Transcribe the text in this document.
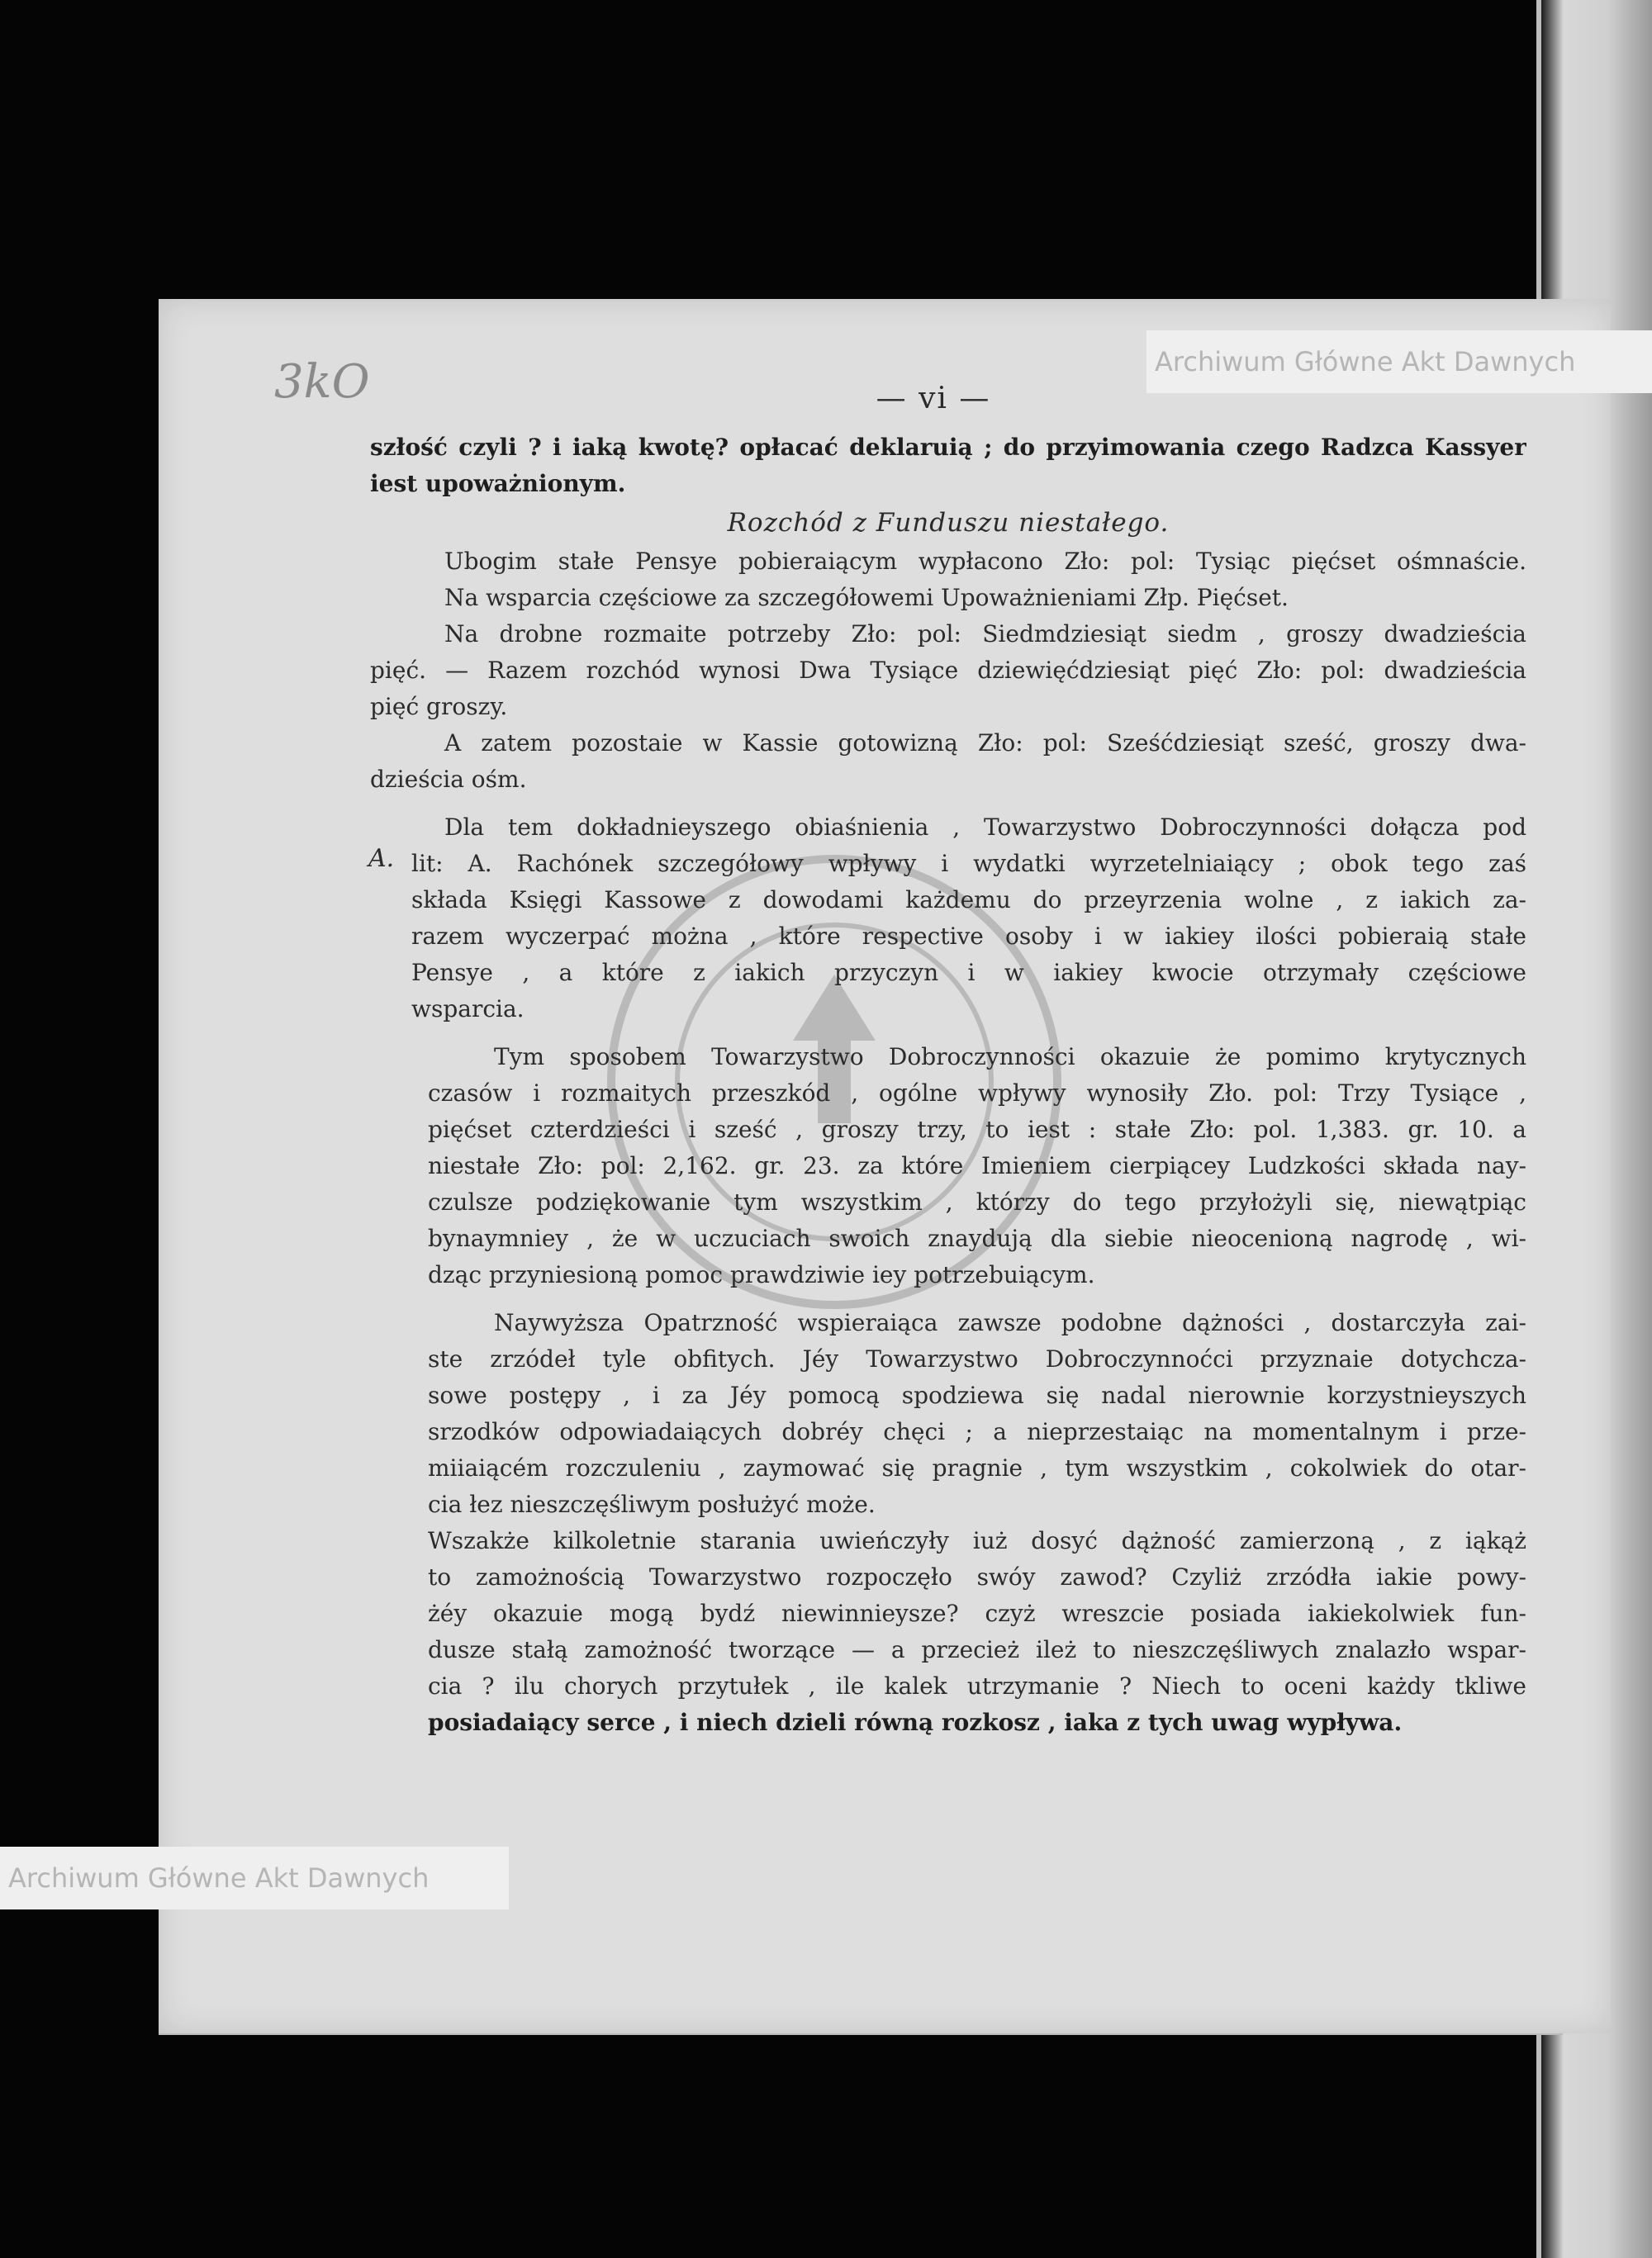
Archiwum Główne Akt Dawnych
Archiwum Główne Akt Dawnych
3kO	— vi —
szłość czyli ? i iaką kwotę? opłacać deklaruią ; do przyimowania czego Radzca Kassyer
iest upoważnionym.
Rozchód z Funduszu niestałego.
Ubogim stałe Pensye pobieraiącym wypłacono Zło: pol: Tysiąc pięćset ośmnaście.
Na wsparcia częściowe za szczegółowemi Upoważnieniami Złp. Pięćset.
Na drobne rozmaite potrzeby Zło: pol: Siedmdziesiąt siedm , groszy dwadzieścia
pięć. — Razem rozchód wynosi Dwa Tysiące dziewięćdziesiąt pięć Zło: pol: dwadzieścia
pięć groszy.
A zatem pozostaie w Kassie gotowizną Zło: pol: Sześćdziesiąt sześć, groszy dwa-
dzieścia ośm.
Dla tem dokładnieyszego obiaśnienia , Towarzystwo Dobroczynności dołącza pod
lit: A. Rachónek szczegółowy wpływy i wydatki wyrzetelniaiący ; obok tego zaś
składa Księgi Kassowe z dowodami każdemu do przeyrzenia wolne , z iakich za-
razem wyczerpać można , które respective osoby i w iakiey ilości pobieraią stałe
Pensye , a które z iakich przyczyn i w iakiey kwocie otrzymały częściowe
wsparcia.
Tym sposobem Towarzystwo Dobroczynności okazuie że pomimo krytycznych
czasów i rozmaitych przeszkód , ogólne wpływy wynosiły Zło. pol: Trzy Tysiące ,
pięćset czterdzieści i sześć , groszy trzy, to iest : stałe Zło: pol. 1,383. gr. 10. a
niestałe Zło: pol: 2,162. gr. 23. za które Imieniem cierpiącey Ludzkości składa nay-
czulsze podziękowanie tym wszystkim , którzy do tego przyłożyli się, niewątpiąc
bynaymniey , że w uczuciach swoich znaydują dla siebie nieocenioną nagrodę , wi-
dząc przyniesioną pomoc prawdziwie iey potrzebuiącym.
Naywyższa Opatrzność wspieraiąca zawsze podobne dążności , dostarczyła zai-
ste zrzódeł tyle obfitych. Jéy Towarzystwo Dobroczynnoćci przyznaie dotychcza-
sowe postępy , i za Jéy pomocą spodziewa się nadal nierownie korzystnieyszych
srzodków odpowiadaiących dobréy chęci ; a nieprzestaiąc na momentalnym i prze-
miiaiącém rozczuleniu , zaymować się pragnie , tym wszystkim , cokolwiek do otar-
cia łez nieszczęśliwym posłużyć może.
Wszakże kilkoletnie starania uwieńczyły iuż dosyć dążność zamierzoną , z iąkąż
to zamożnością Towarzystwo rozpoczęło swóy zawod? Czyliż zrzódła iakie powy-
żéy okazuie mogą bydź niewinnieysze? czyż wreszcie posiada iakiekolwiek fun-
dusze stałą zamożność tworzące — a przecież ileż to nieszczęśliwych znalazło wspar-
cia ? ilu chorych przytułek , ile kalek utrzymanie ? Niech to oceni każdy tkliwe
posiadaiący serce , i niech dzieli równą rozkosz , iaka z tych uwag wypływa.
A.
